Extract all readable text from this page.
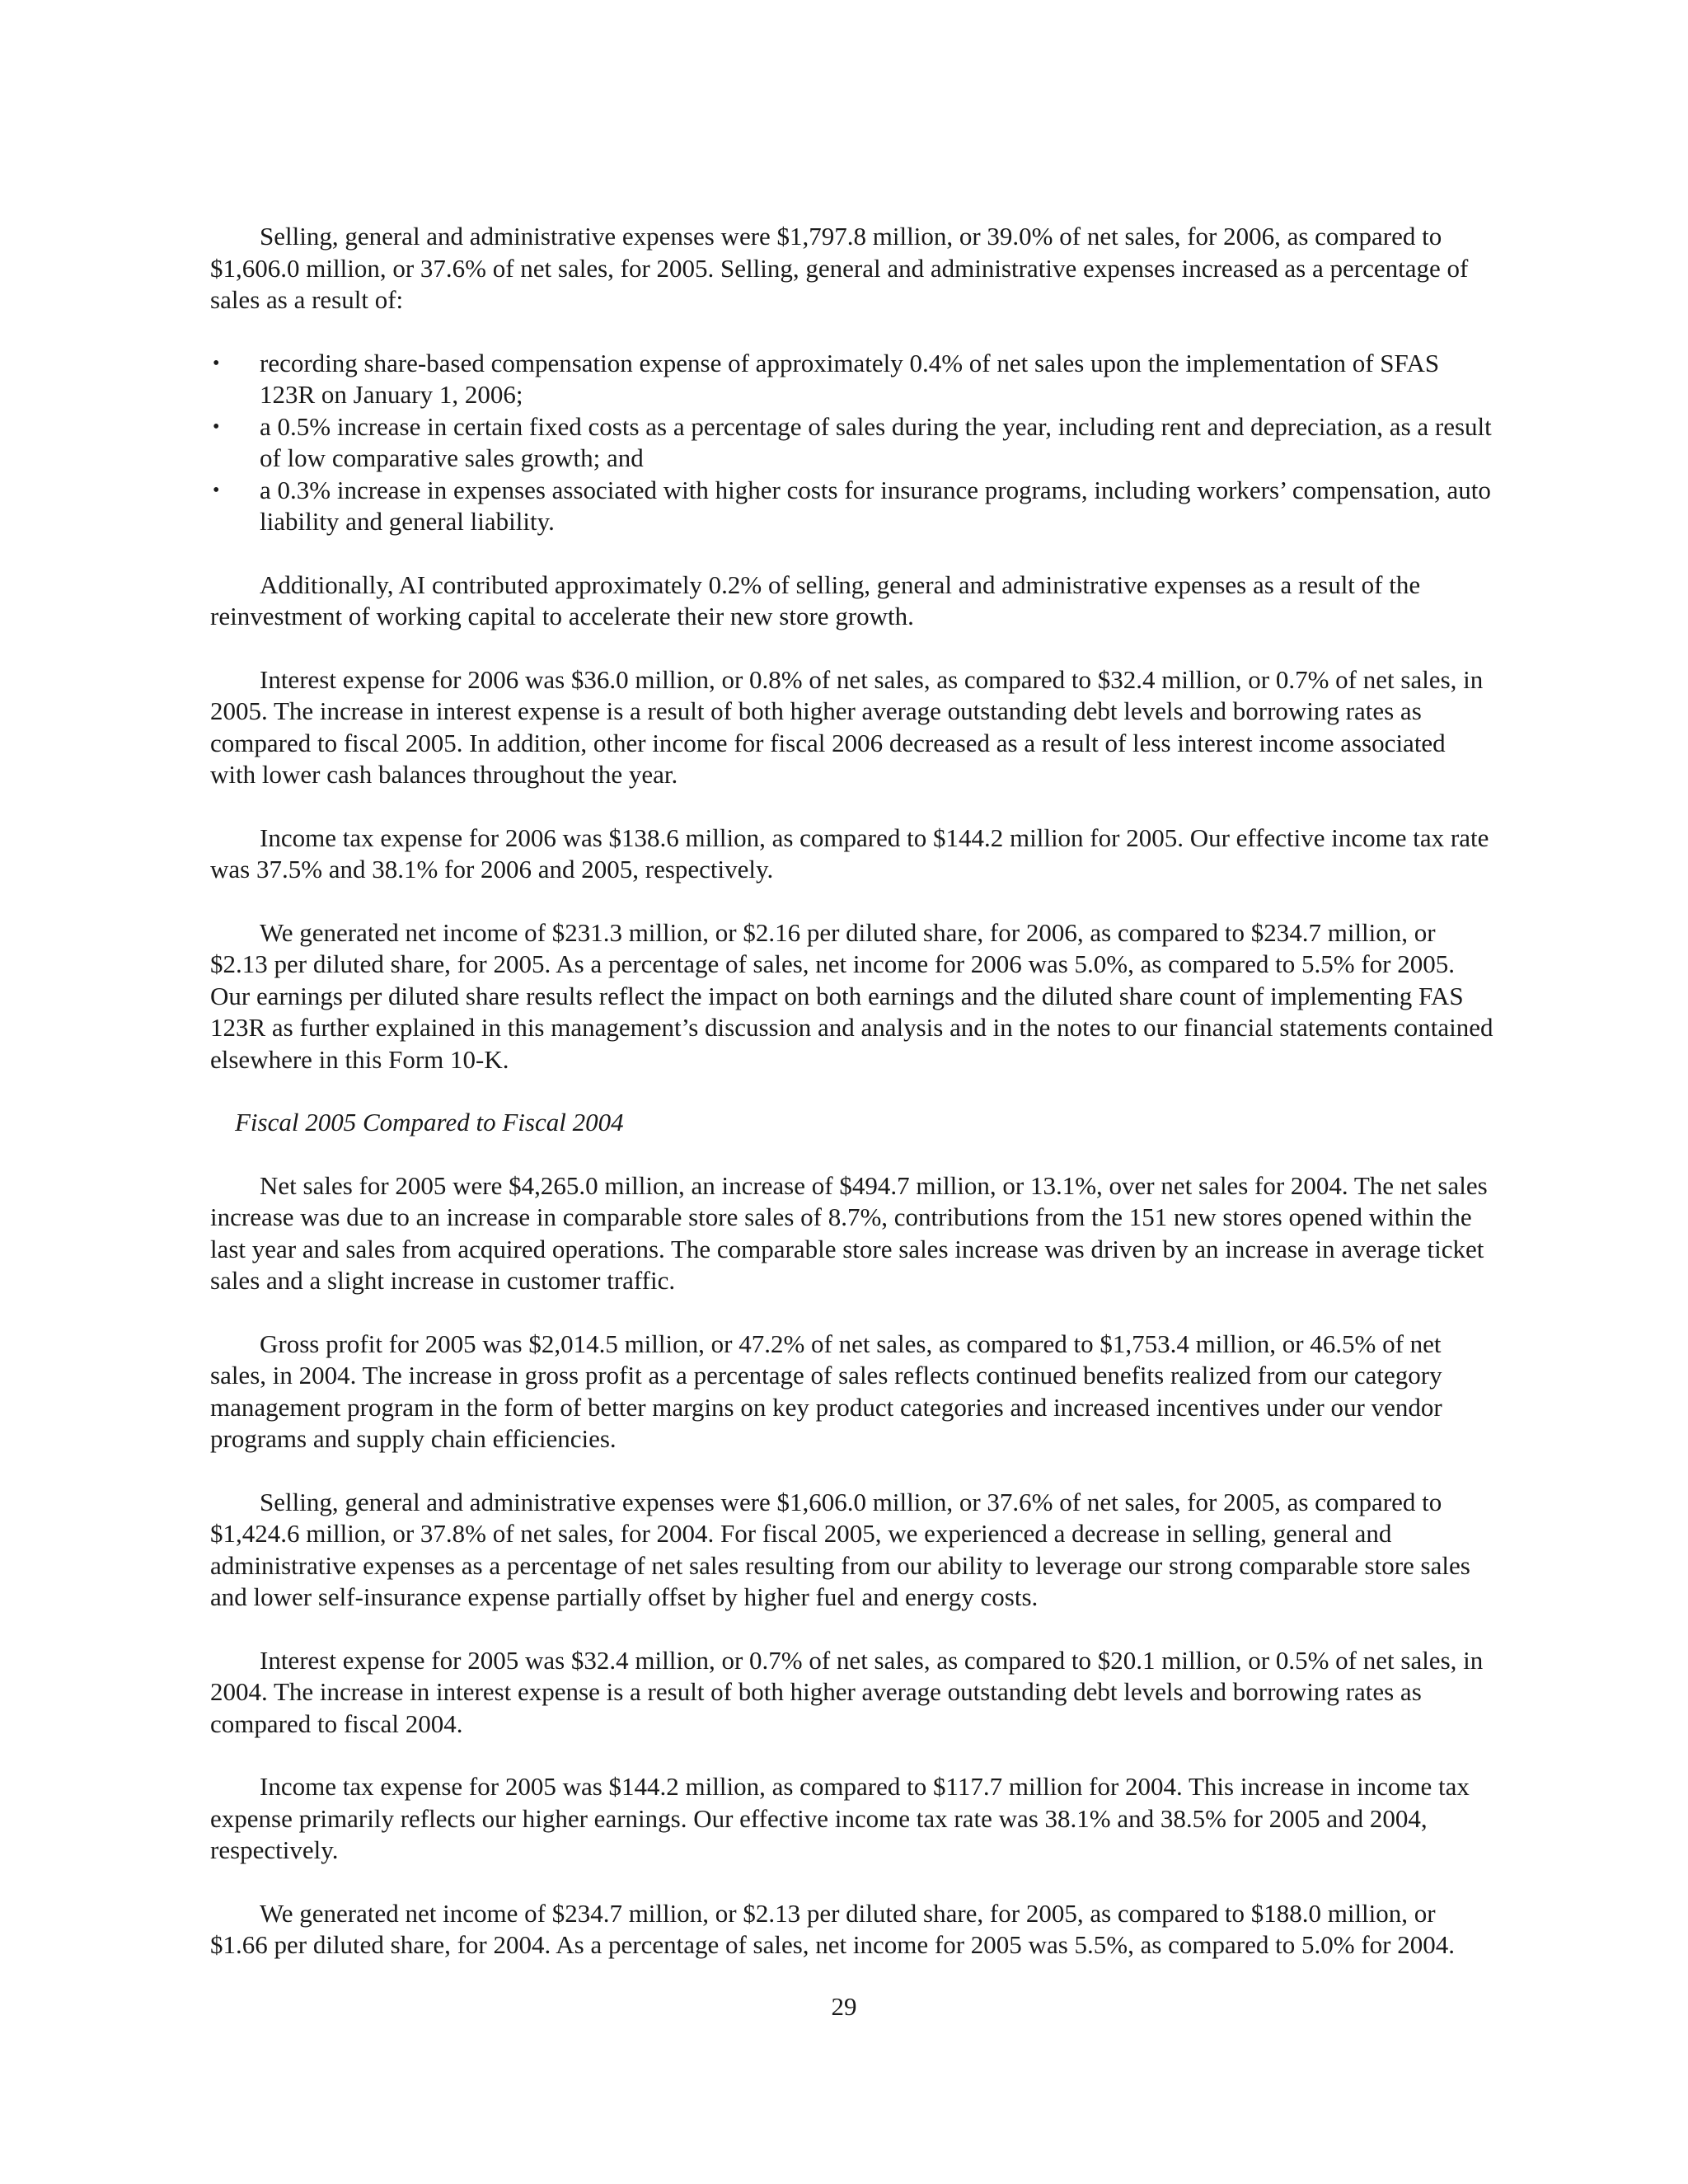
Selling, general and administrative expenses were $1,797.8 million, or 39.0% of net sales, for 2006, as compared to $1,606.0 million, or 37.6% of net sales, for 2005. Selling, general and administrative expenses increased as a percentage of sales as a result of:

• recording share-based compensation expense of approximately 0.4% of net sales upon the implementation of SFAS 123R on January 1, 2006;
• a 0.5% increase in certain fixed costs as a percentage of sales during the year, including rent and depreciation, as a result of low comparative sales growth; and
• a 0.3% increase in expenses associated with higher costs for insurance programs, including workers’ compensation, auto liability and general liability.

Additionally, AI contributed approximately 0.2% of selling, general and administrative expenses as a result of the reinvestment of working capital to accelerate their new store growth.

Interest expense for 2006 was $36.0 million, or 0.8% of net sales, as compared to $32.4 million, or 0.7% of net sales, in 2005. The increase in interest expense is a result of both higher average outstanding debt levels and borrowing rates as compared to fiscal 2005. In addition, other income for fiscal 2006 decreased as a result of less interest income associated with lower cash balances throughout the year.

Income tax expense for 2006 was $138.6 million, as compared to $144.2 million for 2005. Our effective income tax rate was 37.5% and 38.1% for 2006 and 2005, respectively.

We generated net income of $231.3 million, or $2.16 per diluted share, for 2006, as compared to $234.7 million, or $2.13 per diluted share, for 2005. As a percentage of sales, net income for 2006 was 5.0%, as compared to 5.5% for 2005. Our earnings per diluted share results reflect the impact on both earnings and the diluted share count of implementing FAS 123R as further explained in this management’s discussion and analysis and in the notes to our financial statements contained elsewhere in this Form 10-K.

Fiscal 2005 Compared to Fiscal 2004

Net sales for 2005 were $4,265.0 million, an increase of $494.7 million, or 13.1%, over net sales for 2004. The net sales increase was due to an increase in comparable store sales of 8.7%, contributions from the 151 new stores opened within the last year and sales from acquired operations. The comparable store sales increase was driven by an increase in average ticket sales and a slight increase in customer traffic.

Gross profit for 2005 was $2,014.5 million, or 47.2% of net sales, as compared to $1,753.4 million, or 46.5% of net sales, in 2004. The increase in gross profit as a percentage of sales reflects continued benefits realized from our category management program in the form of better margins on key product categories and increased incentives under our vendor programs and supply chain efficiencies.

Selling, general and administrative expenses were $1,606.0 million, or 37.6% of net sales, for 2005, as compared to $1,424.6 million, or 37.8% of net sales, for 2004. For fiscal 2005, we experienced a decrease in selling, general and administrative expenses as a percentage of net sales resulting from our ability to leverage our strong comparable store sales and lower self-insurance expense partially offset by higher fuel and energy costs.

Interest expense for 2005 was $32.4 million, or 0.7% of net sales, as compared to $20.1 million, or 0.5% of net sales, in 2004. The increase in interest expense is a result of both higher average outstanding debt levels and borrowing rates as compared to fiscal 2004.

Income tax expense for 2005 was $144.2 million, as compared to $117.7 million for 2004. This increase in income tax expense primarily reflects our higher earnings. Our effective income tax rate was 38.1% and 38.5% for 2005 and 2004, respectively.

We generated net income of $234.7 million, or $2.13 per diluted share, for 2005, as compared to $188.0 million, or $1.66 per diluted share, for 2004. As a percentage of sales, net income for 2005 was 5.5%, as compared to 5.0% for 2004.

29
